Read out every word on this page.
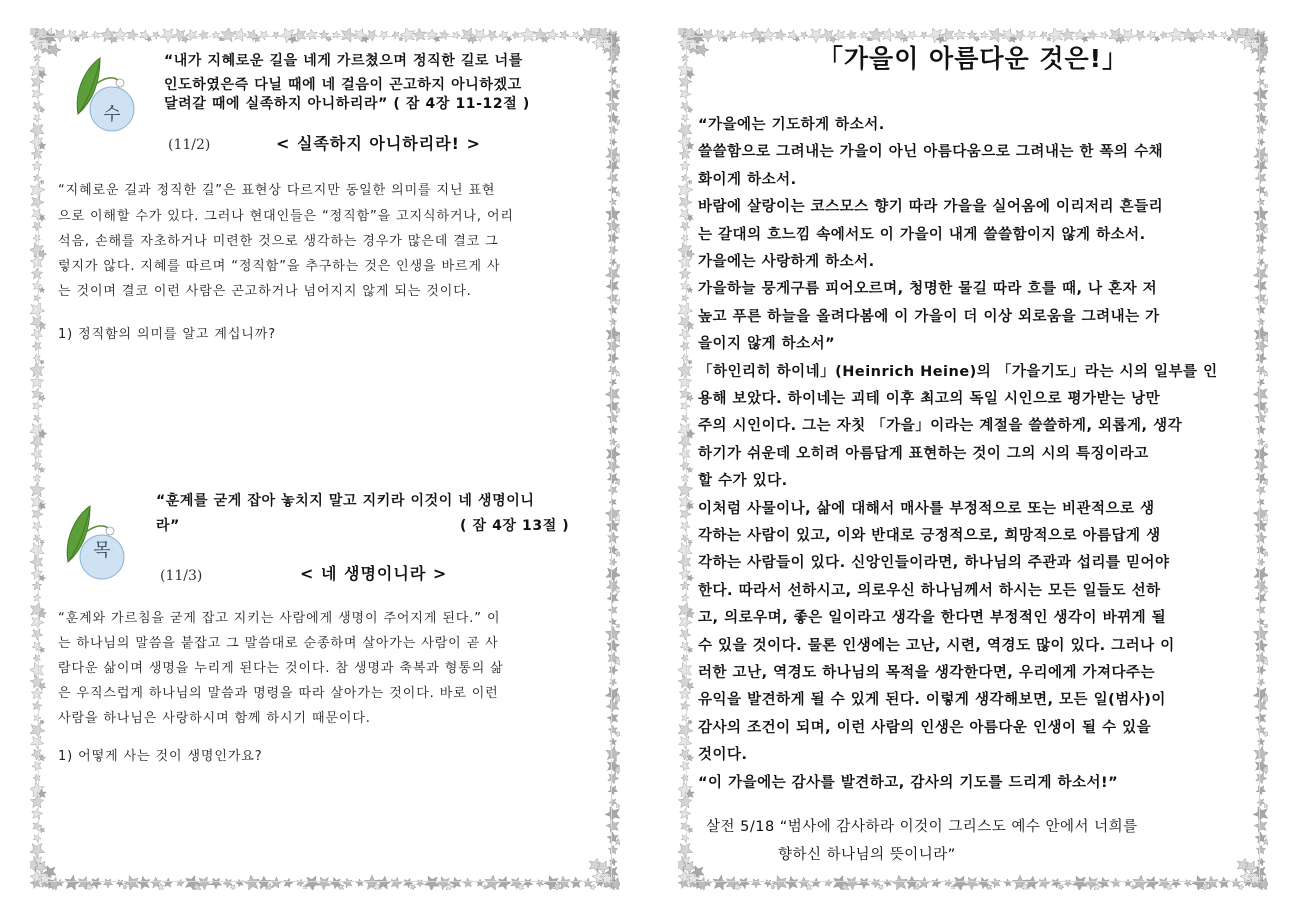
수
“내가 지혜로운 길을 네게 가르쳤으며 정직한 길로 너를
인도하였은즉 다닐 때에 네 걸음이 곤고하지 아니하겠고
달려갈 때에 실족하지 아니하리라” ( 잠 4장 11-12절 )
(11/2)	< 실족하지 아니하리라! >
“지혜로운 길과 정직한 길”은 표현상 다르지만 동일한 의미를 지닌 표현
으로 이해할 수가 있다. 그러나 현대인들은 “정직함”을 고지식하거나, 어리
석음, 손해를 자초하거나 미련한 것으로 생각하는 경우가 많은데 결코 그
렇지가 않다. 지혜를 따르며 “정직함”을 추구하는 것은 인생을 바르게 사
는 것이며 결코 이런 사람은 곤고하거나 넘어지지 않게 되는 것이다.
1) 정직함의 의미를 알고 계십니까?
목
“훈계를 굳게 잡아 놓치지 말고 지키라 이것이 네 생명이니
라”	( 잠 4장 13절 )
(11/3)	< 네 생명이니라 >
“훈계와 가르침을 굳게 잡고 지키는 사람에게 생명이 주어지게 된다.” 이
는 하나님의 말씀을 붙잡고 그 말씀대로 순종하며 살아가는 사람이 곧 사
람다운 삶이며 생명을 누리게 된다는 것이다. 참 생명과 축복과 형통의 삶
은 우직스럽게 하나님의 말씀과 명령을 따라 살아가는 것이다. 바로 이런
사람을 하나님은 사랑하시며 함께 하시기 때문이다.
1) 어떻게 사는 것이 생명인가요?
「가을이 아름다운 것은!」
“가을에는 기도하게 하소서.
쓸쓸함으로 그려내는 가을이 아닌 아름다움으로 그려내는 한 폭의 수채
화이게 하소서.
바람에 살랑이는 코스모스 향기 따라 가을을 실어옴에 이리저리 흔들리
는 갈대의 흐느낌 속에서도 이 가을이 내게 쓸쓸함이지 않게 하소서.
가을에는 사랑하게 하소서.
가을하늘 뭉게구름 피어오르며, 청명한 물길 따라 흐를 때, 나 혼자 저
높고 푸른 하늘을 올려다봄에 이 가을이 더 이상 외로움을 그려내는 가
을이지 않게 하소서”
「하인리히 하이네」(Heinrich Heine)의 「가을기도」라는 시의 일부를 인
용해 보았다. 하이네는 괴테 이후 최고의 독일 시인으로 평가받는 낭만
주의 시인이다. 그는 자칫 「가을」이라는 계절을 쓸쓸하게, 외롭게, 생각
하기가 쉬운데 오히려 아름답게 표현하는 것이 그의 시의 특징이라고
할 수가 있다.
이처럼 사물이나, 삶에 대해서 매사를 부정적으로 또는 비관적으로 생
각하는 사람이 있고, 이와 반대로 긍정적으로, 희망적으로 아름답게 생
각하는 사람들이 있다. 신앙인들이라면, 하나님의 주관과 섭리를 믿어야
한다. 따라서 선하시고, 의로우신 하나님께서 하시는 모든 일들도 선하
고, 의로우며, 좋은 일이라고 생각을 한다면 부정적인 생각이 바뀌게 될
수 있을 것이다. 물론 인생에는 고난, 시련, 역경도 많이 있다. 그러나 이
러한 고난, 역경도 하나님의 목적을 생각한다면, 우리에게 가져다주는
유익을 발견하게 될 수 있게 된다. 이렇게 생각해보면, 모든 일(범사)이
감사의 조건이 되며, 이런 사람의 인생은 아름다운 인생이 될 수 있을
것이다.
“이 가을에는 감사를 발견하고, 감사의 기도를 드리게 하소서!”
살전 5/18 “범사에 감사하라 이것이 그리스도 예수 안에서 너희를
향하신 하나님의 뜻이니라”
